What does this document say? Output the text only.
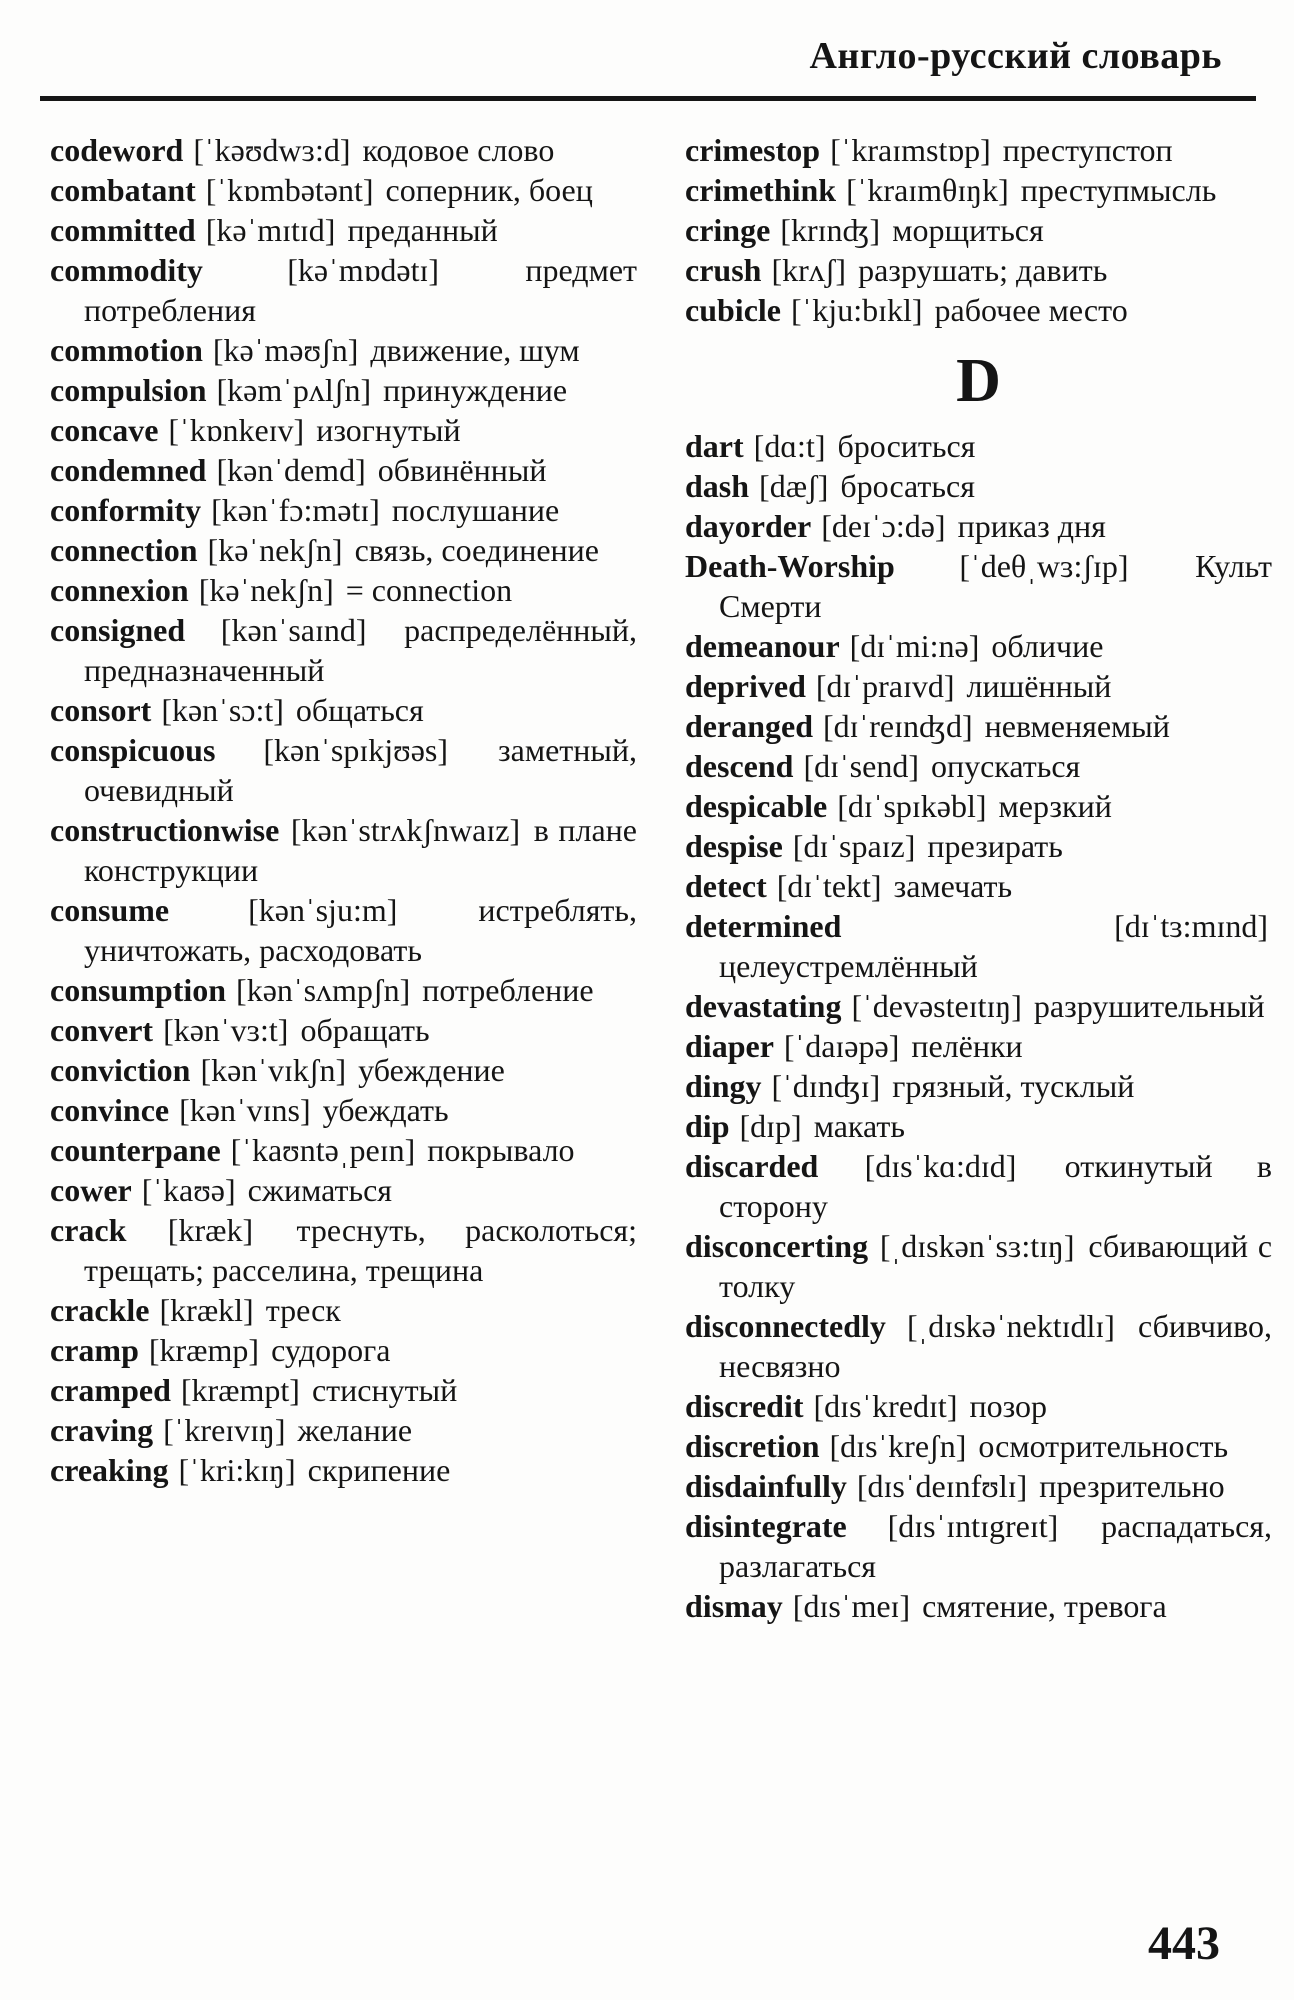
Англо-русский словарь
codeword [ˈkəʊdwɜ:d] кодовое слово
combatant [ˈkɒmbətənt] соперник, боец
committed [kəˈmɪtɪd] преданный
commodity	[kəˈmɒdətɪ]	предмет потребления
commotion [kəˈməʊʃn] движение, шум
compulsion [kəmˈpʌlʃn] принуждение
concave [ˈkɒnkeɪv] изогнутый
condemned [kənˈdemd] обвинённый
conformity [kənˈfɔ:mətɪ] послушание
connection [kəˈnekʃn] связь, соединение
connexion [kəˈnekʃn] = connection
consigned [kənˈsaɪnd] распределённый, предназначенный
consort [kənˈsɔ:t] общаться
conspicuous [kənˈspɪkjʊəs] заметный, очевидный
constructionwise [kənˈstrʌkʃnwaɪz] в плане конструкции
consume [kənˈsju:m]	истреблять, уничтожать, расходовать
consumption [kənˈsʌmpʃn] потребление
convert [kənˈvɜ:t] обращать
conviction [kənˈvɪkʃn] убеждение
convince [kənˈvɪns] убеждать
counterpane [ˈkaʊntəˌpeɪn] покрывало
cower [ˈkaʊə] сжиматься
crack [kræk] треснуть, расколоться; трещать; расселина, трещина
crackle [krækl] треск
cramp [kræmp] судорога
cramped [kræmpt] стиснутый
craving [ˈkreɪvɪŋ] желание
creaking [ˈkri:kɪŋ] скрипение
crimestop [ˈkraɪmstɒp] преступстоп
crimethink [ˈkraɪmθɪŋk] преступмысль
cringe [krɪnʤ] морщиться
crush [krʌʃ] разрушать; давить
cubicle [ˈkju:bɪkl] рабочее место
D
dart [dɑ:t] броситься
dash [dæʃ] бросаться
dayorder [deɪˈɔ:də] приказ дня
Death-Worship [ˈdeθˌwɜ:ʃɪp] Культ Смерти
demeanour [dɪˈmi:nə] обличие
deprived [dɪˈpraɪvd] лишённый
deranged [dɪˈreɪnʤd] невменяемый
descend [dɪˈsend] опускаться
despicable [dɪˈspɪkəbl] мерзкий
despise [dɪˈspaɪz] презирать
detect [dɪˈtekt] замечать
determined	[dɪˈtɜ:mɪnd] целеустремлённый
devastating [ˈdevəsteɪtɪŋ] разрушительный
diaper [ˈdaɪəpə] пелёнки
dingy [ˈdɪnʤɪ] грязный, тусклый
dip [dɪp] макать
discarded [dɪsˈkɑ:dɪd] откинутый в сторону
disconcerting [ˌdɪskənˈsɜ:tɪŋ] сбивающий с толку
disconnectedly [ˌdɪskəˈnektɪdlɪ] сбивчиво, несвязно
discredit [dɪsˈkredɪt] позор
discretion [dɪsˈkreʃn] осмотрительность
disdainfully [dɪsˈdeɪnfʊlɪ] презрительно
disintegrate [dɪsˈɪntɪgreɪt] распадаться, разлагаться
dismay [dɪsˈmeɪ] смятение, тревога
443
